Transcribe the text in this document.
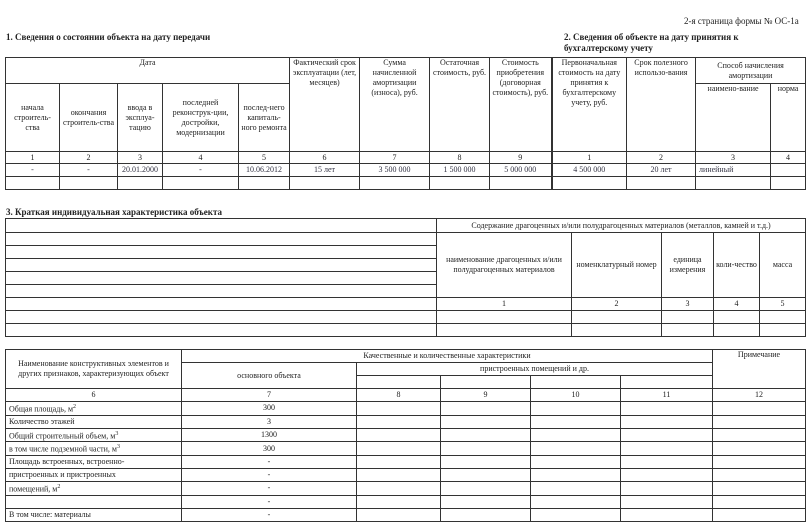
2-я страница формы № ОС-1а
1. Сведения о состоянии объекта на дату передачи	2. Сведения об объекте на дату принятия к бухгалтерскому учету
Дата					Фактический срок эксплуатации (лет, месяцев)	Сумма начисленной амортизации (износа), руб.	Остаточная стоимость, руб.	Стоимость приобретения (договорная стоимость), руб.	Первоначальная стоимость на дату принятия к бухгалтерскому учету, руб.	Срок полезного использо-вания	Способ начисления амортизации	
начала строитель-ства	окончания строитель-ства	ввода в эксплуа-тацию	последней реконструк-ции, достройки, модернизации	послед-него капиталь-ного ремонта							наимено-вание	норма
1	2	3	4	5	6	7	8	9	1	2	3	4
-	-	20.01.2000	-	10.06.2012	15 лет	3 500 000	1 500 000	5 000 000	4 500 000	20 лет	линейный	

3. Краткая индивидуальная характеристика объекта
	Содержание драгоценных и/или полудрагоценных материалов (металлов, камней и т.д.)				
	наименование драгоценных и/или полудрагоценных материалов	номенклатурный номер	единица измерения	коли-чество	масса

	1	2	3	4	5

Наименование конструктивных элементов и других признаков, характеризующих объект	Качественные и количественные характеристики					Примечание
	основного объекта	пристроенных помещений и др.				

6	7	8	9	10	11	12
Общая площадь, $м^2$	300					
Количество этажей	3					
Общий строительный объем, $м^3$	1300					
в том числе подземной части, $м^3$	300					
Площадь встроенных, встроенно-	-					
пристроенных и пристроенных	-					
помещений, $м^2$	-					
	-					
В том числе: материалы	-					
